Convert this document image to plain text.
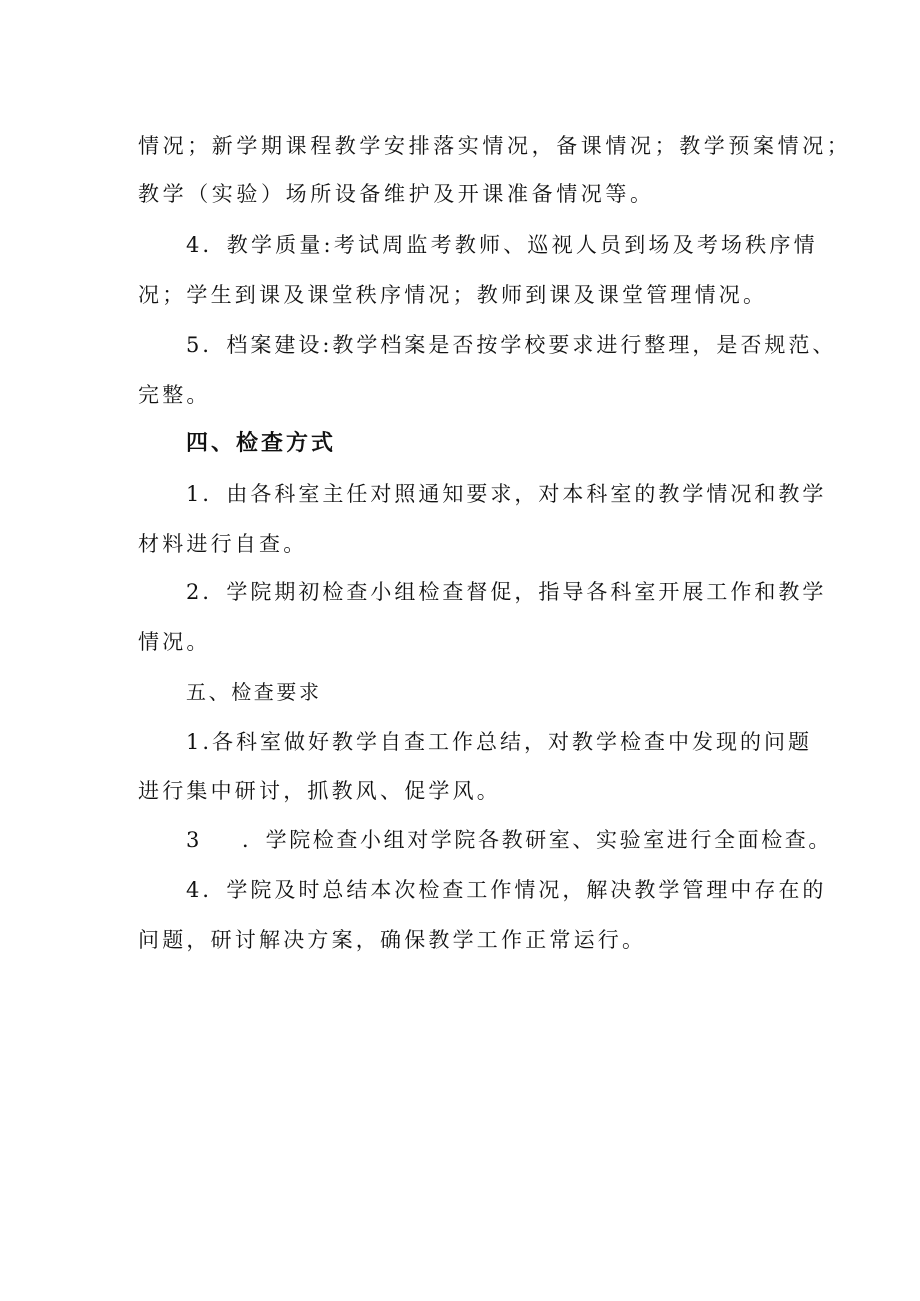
情况；新学期课程教学安排落实情况，备课情况；教学预案情况；
教学（实验）场所设备维护及开课准备情况等。
4．教学质量:考试周监考教师、巡视人员到场及考场秩序情
况；学生到课及课堂秩序情况；教师到课及课堂管理情况。
5．档案建设:教学档案是否按学校要求进行整理，是否规范、
完整。
四、检查方式
1．由各科室主任对照通知要求，对本科室的教学情况和教学
材料进行自查。
2．学院期初检查小组检查督促，指导各科室开展工作和教学
情况。
五、检查要求
1.各科室做好教学自查工作总结，对教学检查中发现的问题
进行集中研讨，抓教风、促学风。
3 ．学院检查小组对学院各教研室、实验室进行全面检查。
4．学院及时总结本次检查工作情况，解决教学管理中存在的
问题，研讨解决方案，确保教学工作正常运行。
